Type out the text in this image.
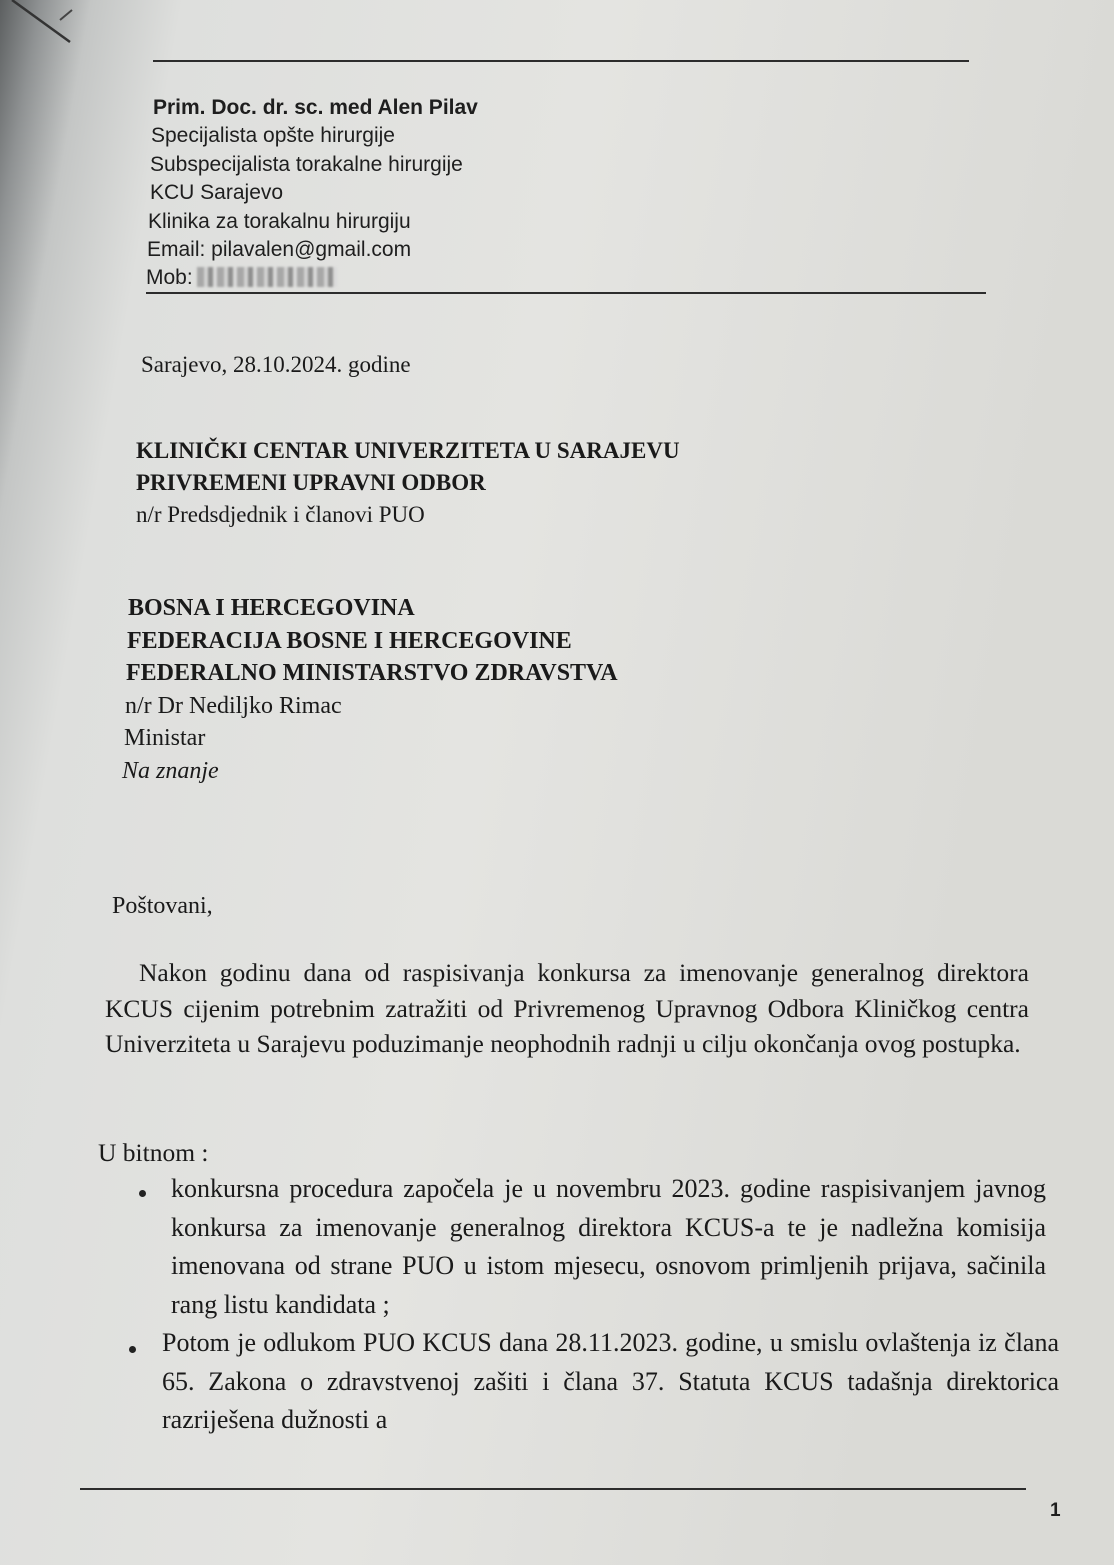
Prim. Doc. dr. sc. med Alen Pilav
Specijalista opšte hirurgije
Subspecijalista torakalne hirurgije
KCU Sarajevo
Klinika za torakalnu hirurgiju
Email: pilavalen@gmail.com
Mob:
Sarajevo, 28.10.2024. godine
KLINIČKI CENTAR UNIVERZITETA U SARAJEVU
PRIVREMENI UPRAVNI ODBOR
n/r Predsdjednik i članovi PUO
BOSNA I HERCEGOVINA
FEDERACIJA BOSNE I HERCEGOVINE
FEDERALNO MINISTARSTVO ZDRAVSTVA
n/r Dr Nediljko Rimac
Ministar
Na znanje
Poštovani,
Nakon godinu dana od raspisivanja konkursa za imenovanje generalnog direktora KCUS cijenim potrebnim zatražiti od Privremenog Upravnog Odbora Kliničkog centra Univerziteta u Sarajevu poduzimanje neophodnih radnji u cilju okončanja ovog postupka.
U bitnom :
konkursna procedura započela je u novembru 2023. godine raspisivanjem javnog konkursa za imenovanje generalnog direktora KCUS-a te je nadležna komisija imenovana od strane PUO u istom mjesecu, osnovom primljenih prijava, sačinila rang listu kandidata ;
Potom je odlukom PUO KCUS dana 28.11.2023. godine, u smislu ovlaštenja iz člana 65. Zakona o zdravstvenoj zašiti i člana 37. Statuta KCUS tadašnja direktorica razriješena dužnosti a
1
